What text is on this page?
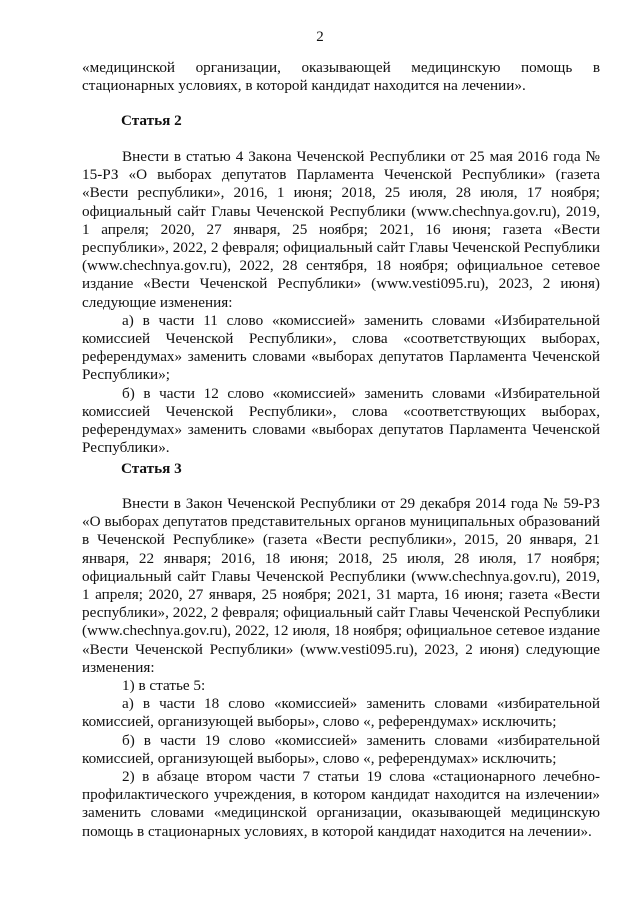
2

«медицинской организации, оказывающей медицинскую помощь в стационарных условиях, в которой кандидат находится на лечении».

Статья 2

Внести в статью 4 Закона Чеченской Республики от 25 мая 2016 года № 15-РЗ «О выборах депутатов Парламента Чеченской Республики» (газета «Вести республики», 2016, 1 июня; 2018, 25 июля, 28 июля, 17 ноября; официальный сайт Главы Чеченской Республики (www.chechnya.gov.ru), 2019, 1 апреля; 2020, 27 января, 25 ноября; 2021, 16 июня; газета «Вести республики», 2022, 2 февраля; официальный сайт Главы Чеченской Республики (www.chechnya.gov.ru), 2022, 28 сентября, 18 ноября; официальное сетевое издание «Вести Чеченской Республики» (www.vesti095.ru), 2023, 2 июня) следующие изменения:

а) в части 11 слово «комиссией» заменить словами «Избирательной комиссией Чеченской Республики», слова «соответствующих выборах, референдумах» заменить словами «выборах депутатов Парламента Чеченской Республики»;

б) в части 12 слово «комиссией» заменить словами «Избирательной комиссией Чеченской Республики», слова «соответствующих выборах, референдумах» заменить словами «выборах депутатов Парламента Чеченской Республики».

Статья 3

Внести в Закон Чеченской Республики от 29 декабря 2014 года № 59-РЗ «О выборах депутатов представительных органов муниципальных образований в Чеченской Республике» (газета «Вести республики», 2015, 20 января, 21 января, 22 января; 2016, 18 июня; 2018, 25 июля, 28 июля, 17 ноября; официальный сайт Главы Чеченской Республики (www.chechnya.gov.ru), 2019, 1 апреля; 2020, 27 января, 25 ноября; 2021, 31 марта, 16 июня; газета «Вести республики», 2022, 2 февраля; официальный сайт Главы Чеченской Республики (www.chechnya.gov.ru), 2022, 12 июля, 18 ноября; официальное сетевое издание «Вести Чеченской Республики» (www.vesti095.ru), 2023, 2 июня) следующие изменения:

1) в статье 5:

а) в части 18 слово «комиссией» заменить словами «избирательной комиссией, организующей выборы», слово «, референдумах» исключить;

б) в части 19 слово «комиссией» заменить словами «избирательной комиссией, организующей выборы», слово «, референдумах» исключить;

2) в абзаце втором части 7 статьи 19 слова «стационарного лечебно-профилактического учреждения, в котором кандидат находится на излечении» заменить словами «медицинской организации, оказывающей медицинскую помощь в стационарных условиях, в которой кандидат находится на лечении».
